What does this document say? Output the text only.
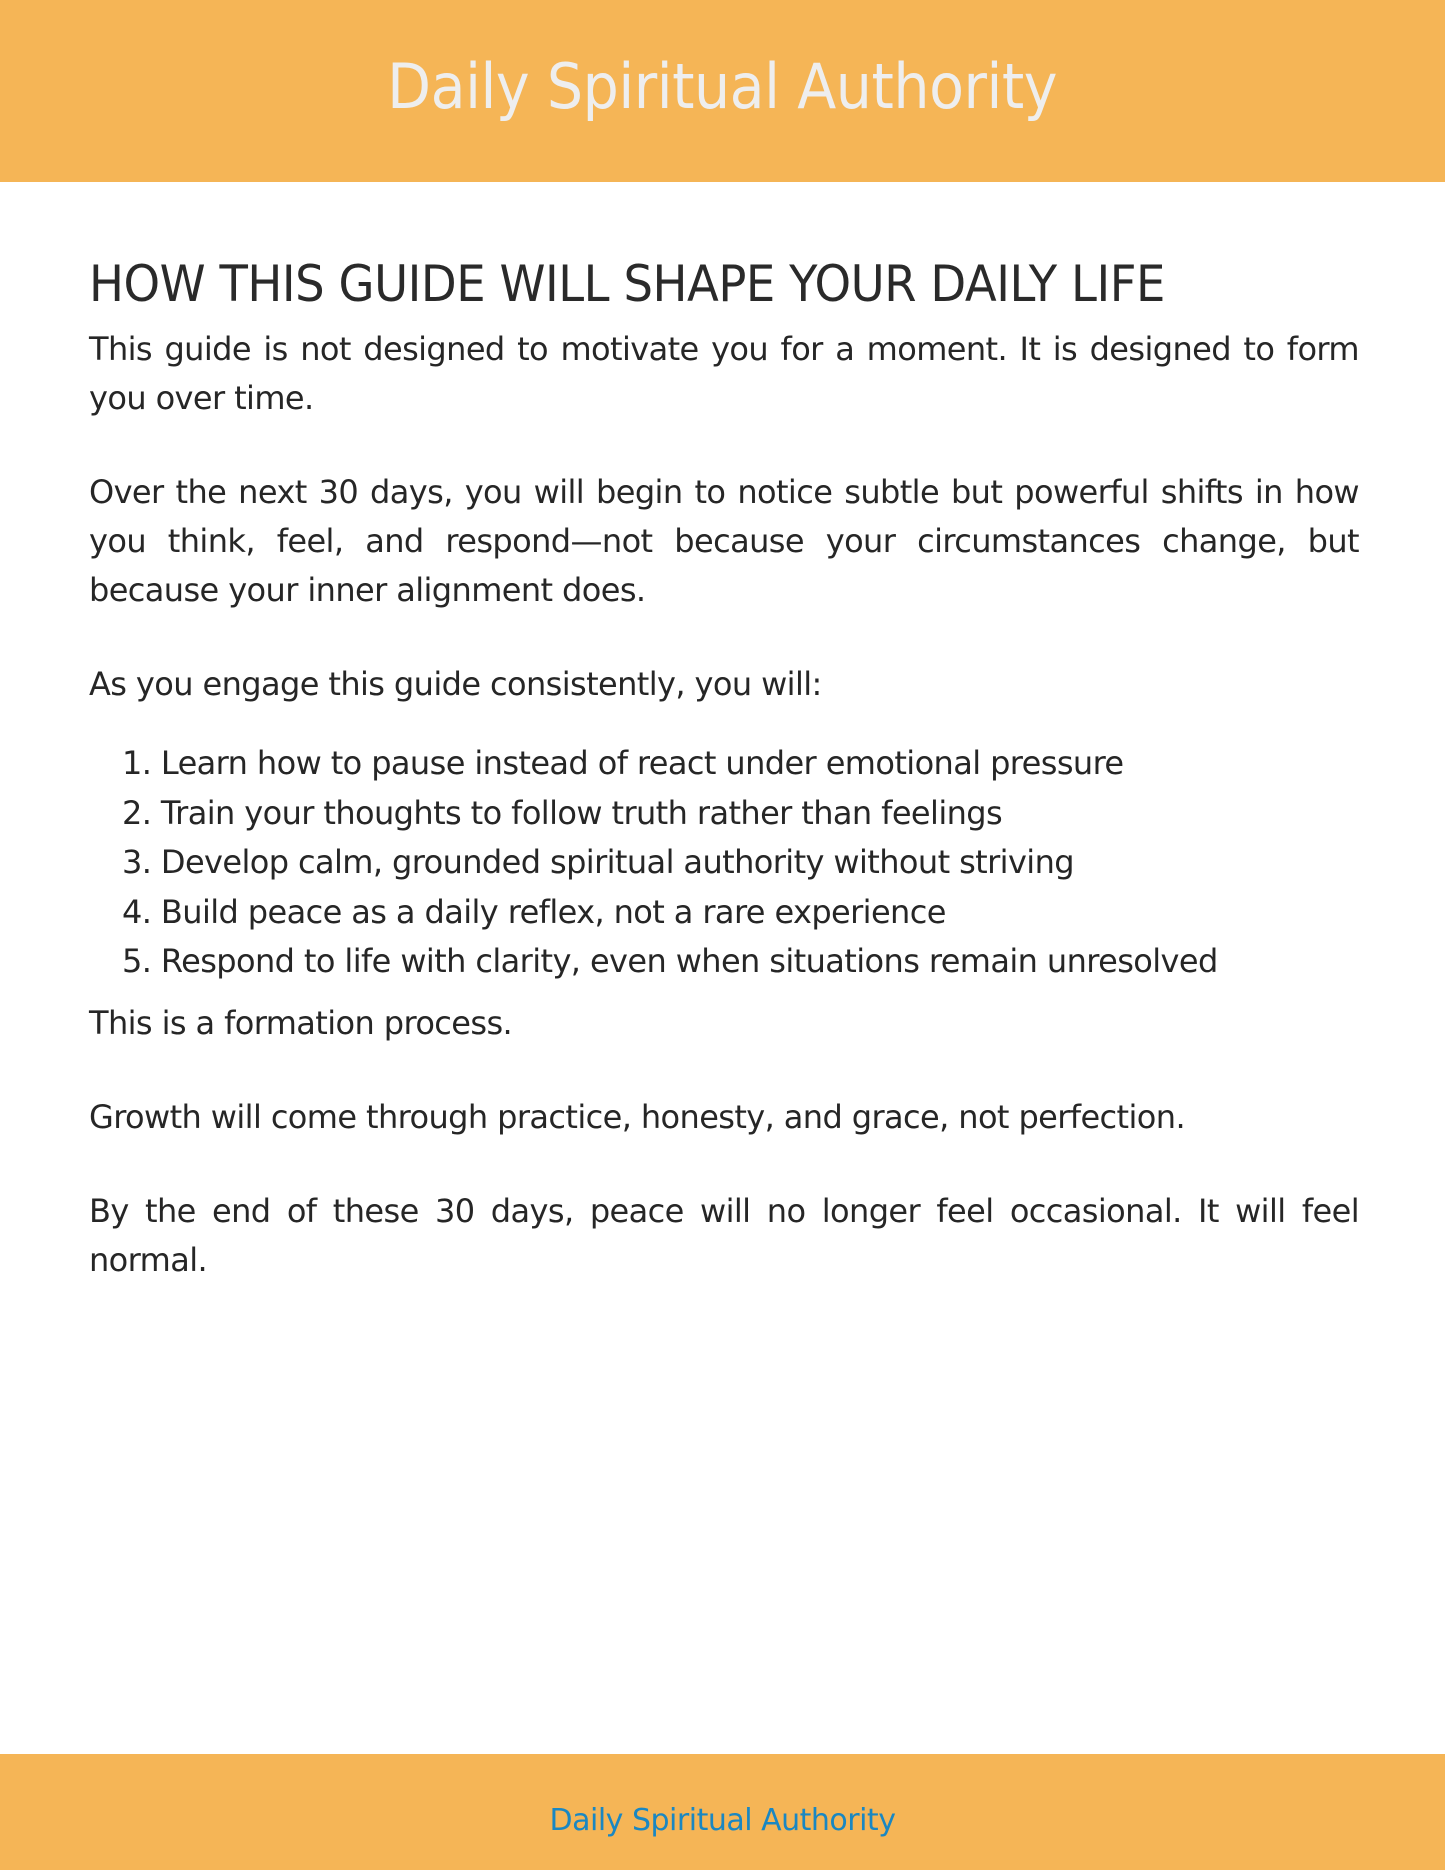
Daily Spiritual Authority
HOW THIS GUIDE WILL SHAPE YOUR DAILY LIFE

This guide is not designed to motivate you for a moment. It is designed to form you over time.

Over the next 30 days, you will begin to notice subtle but powerful shifts in how you think, feel, and respond—not because your circumstances change, but because your inner alignment does.

As you engage this guide consistently, you will:

1. Learn how to pause instead of react under emotional pressure
2. Train your thoughts to follow truth rather than feelings
3. Develop calm, grounded spiritual authority without striving
4. Build peace as a daily reflex, not a rare experience
5. Respond to life with clarity, even when situations remain unresolved

This is a formation process.

Growth will come through practice, honesty, and grace, not perfection.

By the end of these 30 days, peace will no longer feel occasional. It will feel normal.

Daily Spiritual Authority
